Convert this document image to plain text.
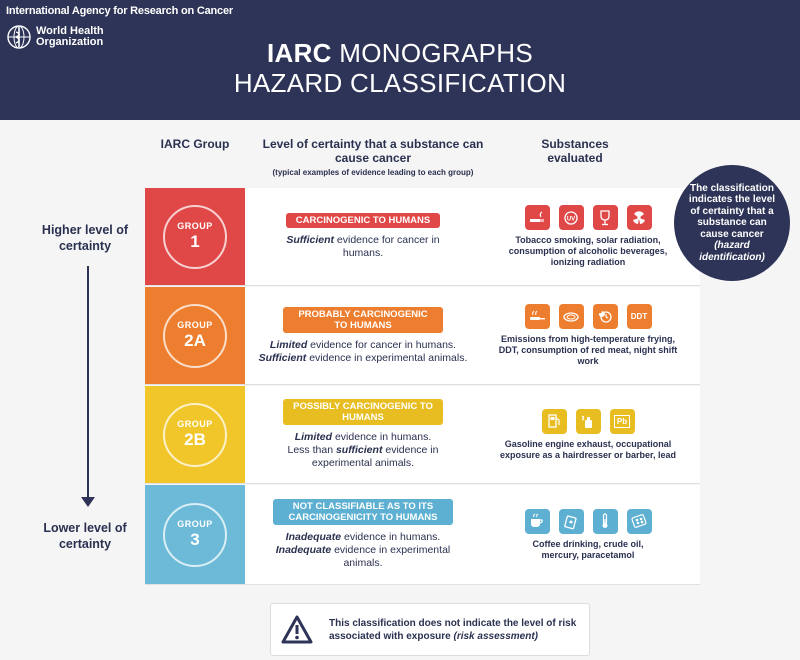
International Agency for Research on Cancer
World Health
Organization	IARC MONOGRAPHS
HAZARD CLASSIFICATION
IARC Group	Level of certainty that a substance can cause cancer
(typical examples of evidence leading to each group)
Substances evaluated
Higher level of certainty
Lower level of certainty
GROUP
1
CARCINOGENIC TO HUMANS
Sufficient evidence for cancer in humans.
UV
Tobacco smoking, solar radiation, consumption of alcoholic beverages, ionizing radiation
GROUP
2A
PROBABLY CARCINOGENIC TO HUMANS
Limited evidence for cancer in humans.
Sufficient evidence in experimental animals.
DDT
Emissions from high-temperature frying, DDT, consumption of red meat, night shift work
GROUP
2B
POSSIBLY CARCINOGENIC TO HUMANS
Limited evidence in humans.
Less than sufficient evidence in experimental animals.
Pb
Gasoline engine exhaust, occupational exposure as a hairdresser or barber, lead
GROUP
3
NOT CLASSIFIABLE AS TO ITS CARCINOGENICITY TO HUMANS
Inadequate evidence in humans.
Inadequate evidence in experimental animals.
Coffee drinking, crude oil, mercury, paracetamol
The classification indicates the level of certainty that a substance can cause cancer (hazard identification)
This classification does not indicate the level of risk associated with exposure (risk assessment)
